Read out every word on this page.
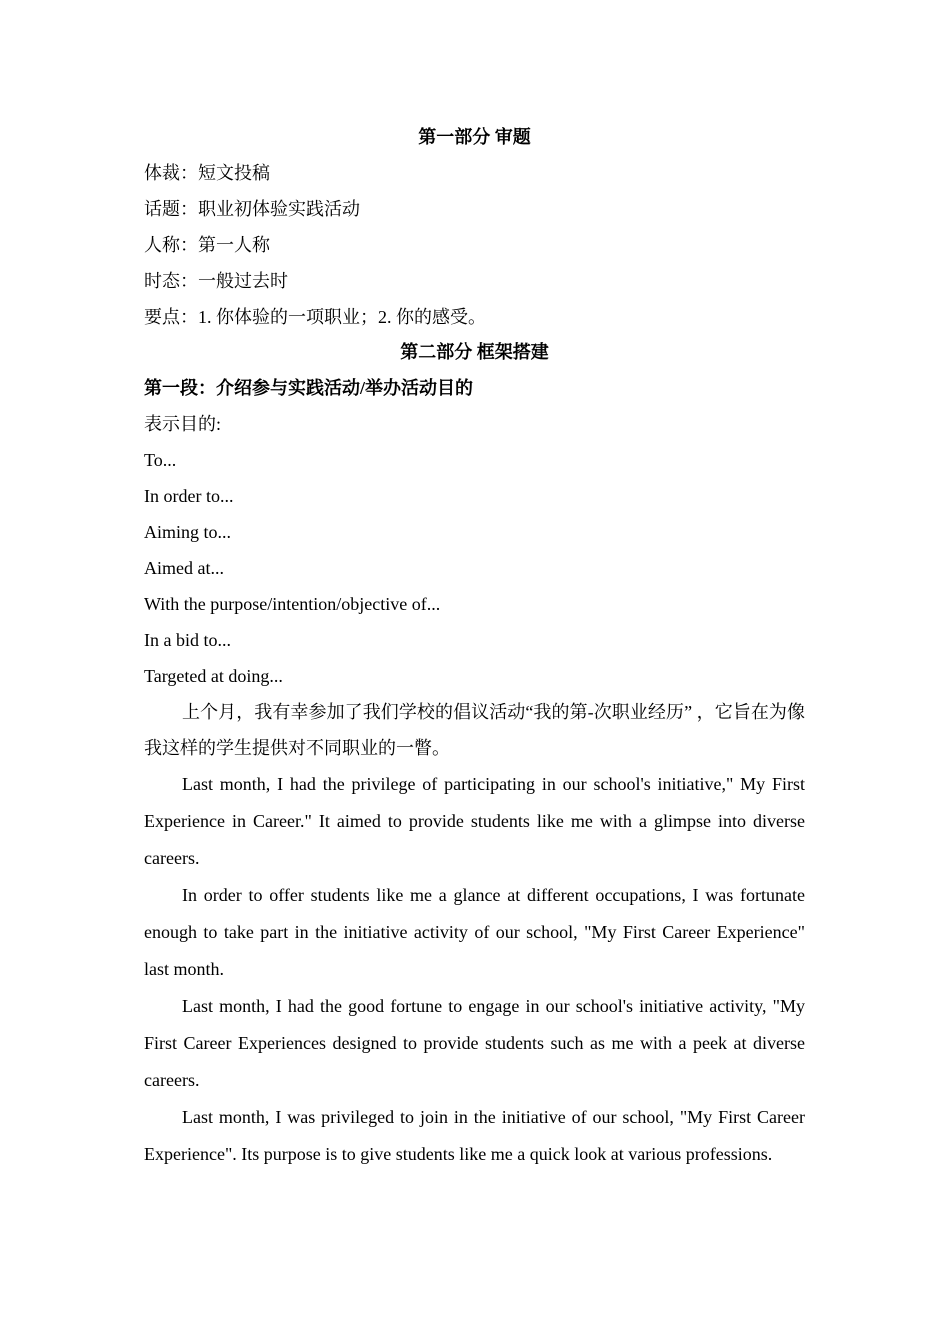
第一部分 审题

体裁：短文投稿

话题：职业初体验实践活动

人称：第一人称

时态：一般过去时

要点：1. 你体验的一项职业；2. 你的感受。

第二部分 框架搭建

第一段：介绍参与实践活动/举办活动目的

表示目的:

To...

In order to...

Aiming to...

Aimed at...

With the purpose/intention/objective of...

In a bid to...

Targeted at doing...

上个月，我有幸参加了我们学校的倡议活动“我的第-次职业经历” ，它旨在为像我这样的学生提供对不同职业的一瞥。

Last month, I had the privilege of participating in our school's initiative," My First Experience in Career." It aimed to provide students like me with a glimpse into diverse careers.

In order to offer students like me a glance at different occupations, I was fortunate enough to take part in the initiative activity of our school, "My First Career Experience" last month.

Last month, I had the good fortune to engage in our school's initiative activity, "My First Career Experiences designed to provide students such as me with a peek at diverse careers.

Last month, I was privileged to join in the initiative of our school, "My First Career Experience". Its purpose is to give students like me a quick look at various professions.
